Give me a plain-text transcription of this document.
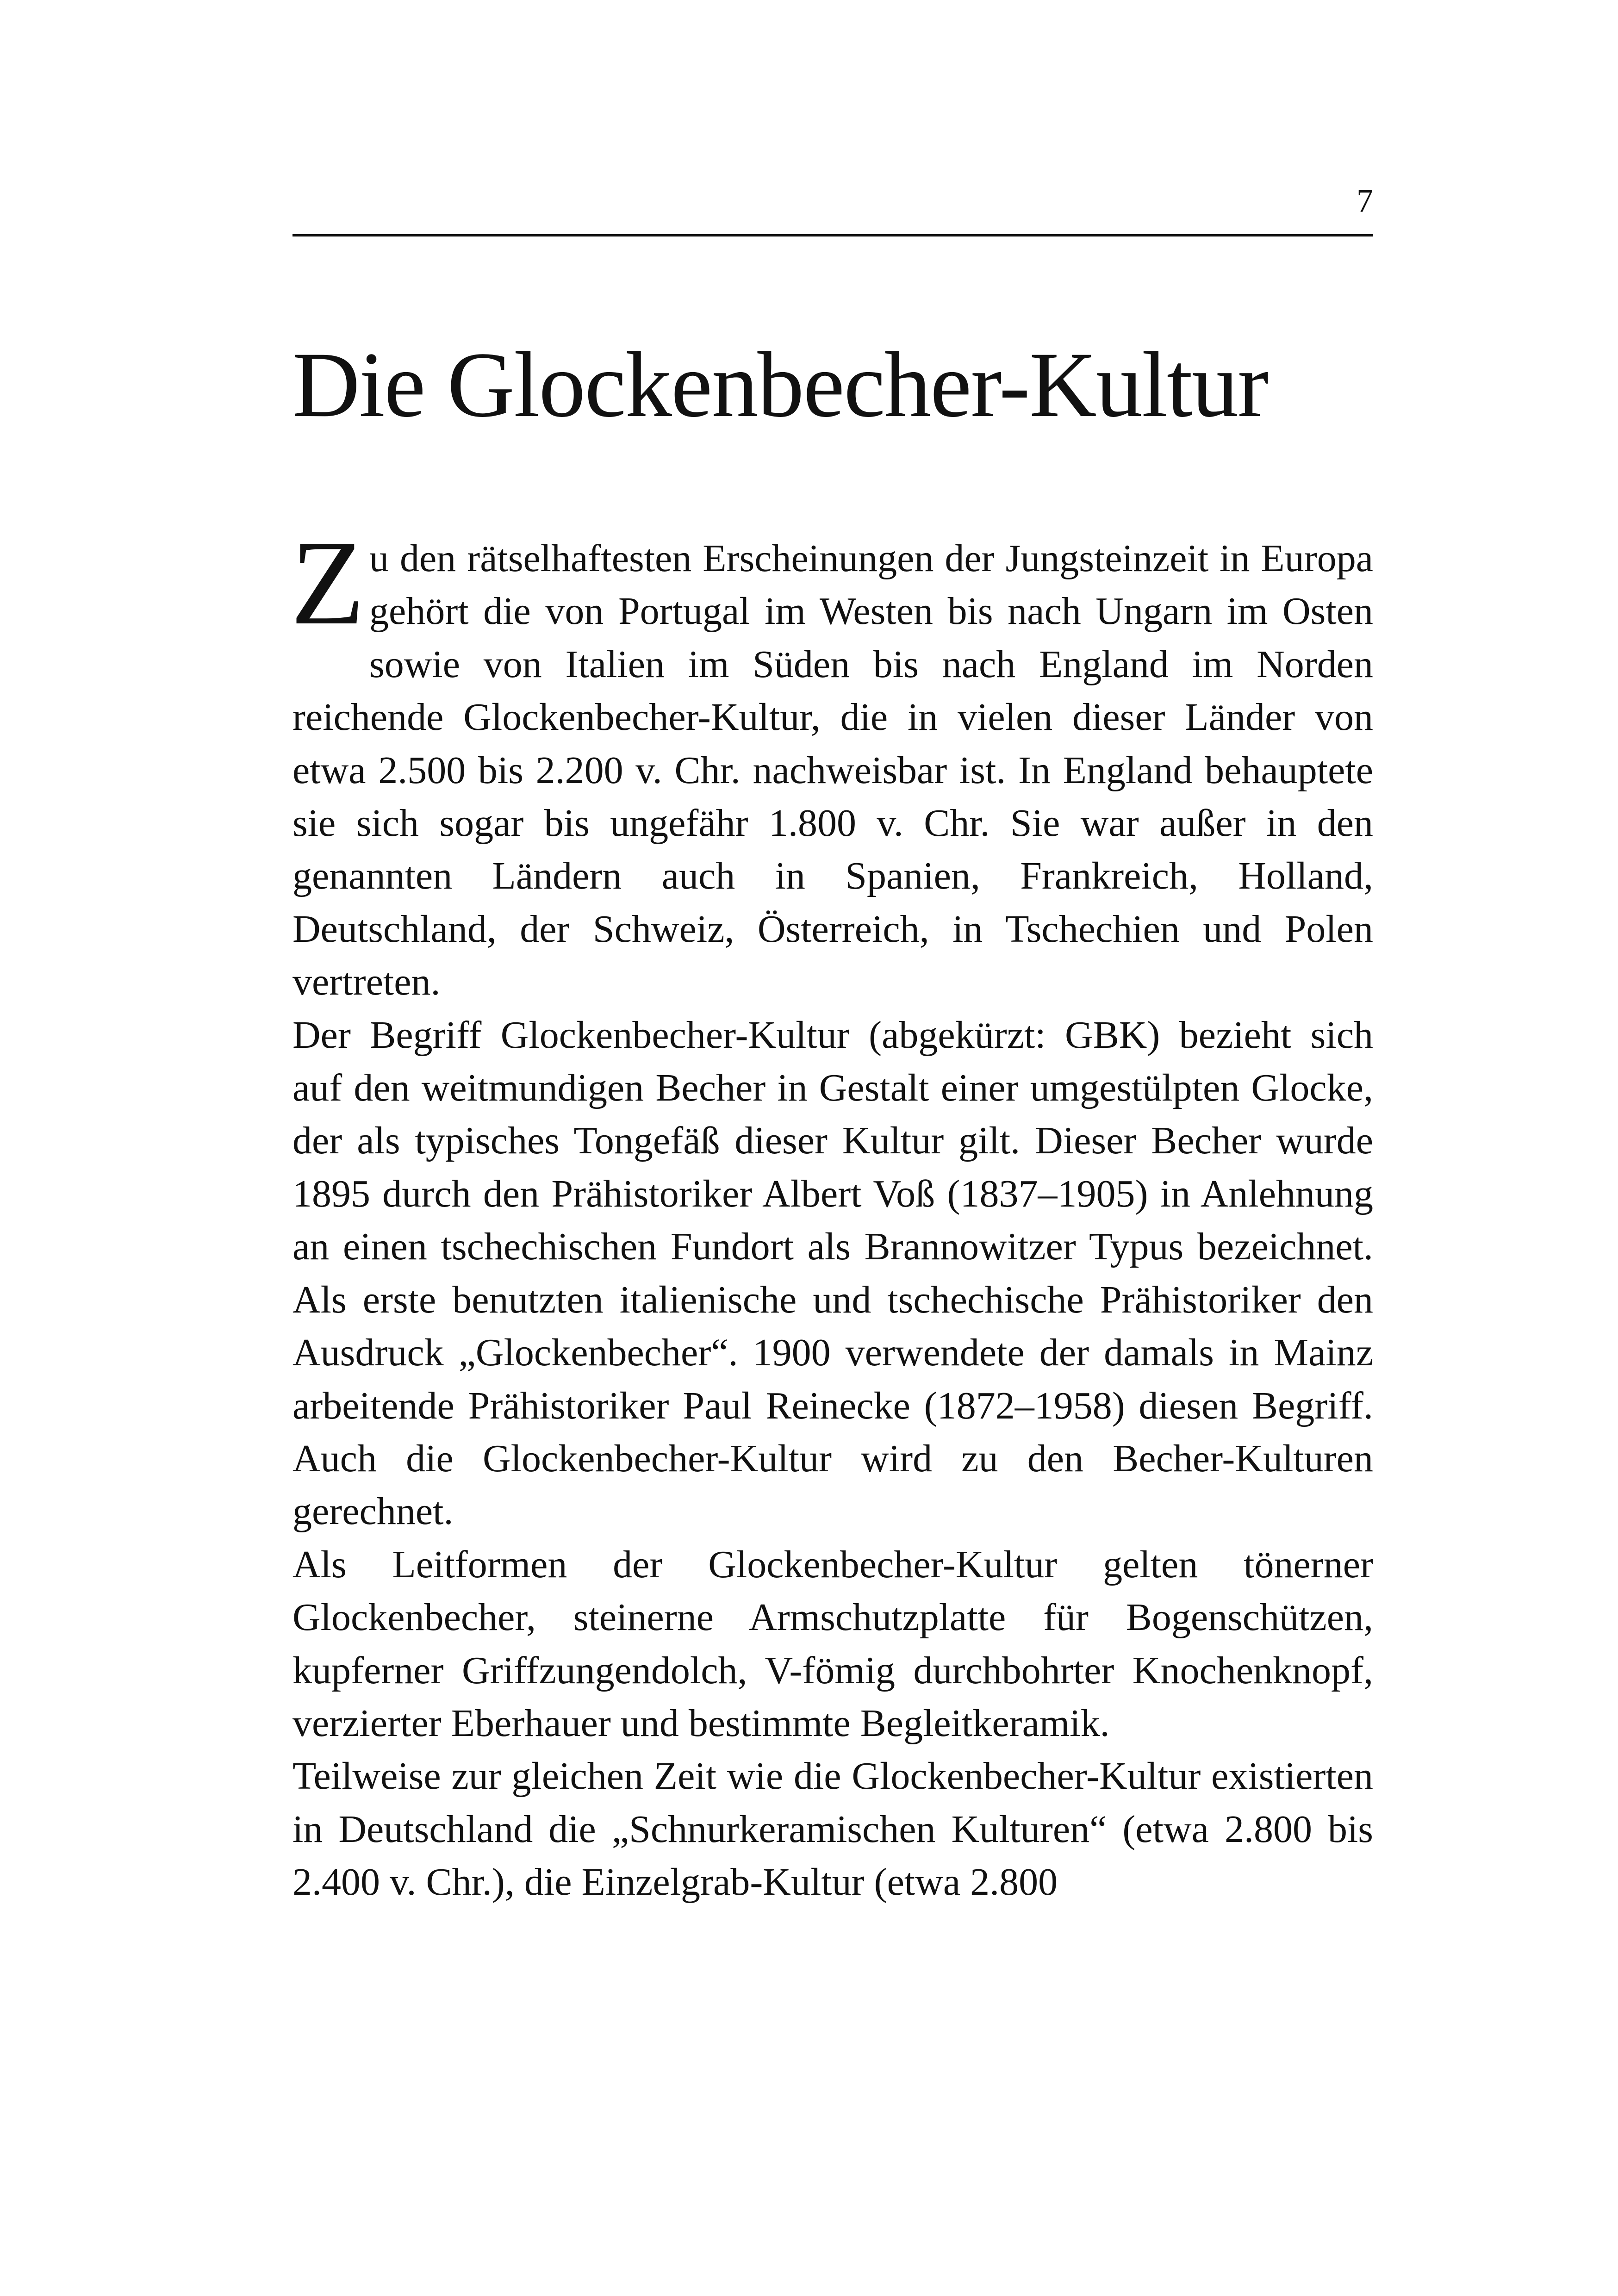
7
Die Glockenbecher-Kultur

Zu den rätselhaftesten Erscheinungen der Jungsteinzeit in Europa gehört die von Portugal im Westen bis nach Ungarn im Osten sowie von Italien im Süden bis nach England im Norden reichende Glockenbecher-Kultur, die in vielen dieser Länder von etwa 2.500 bis 2.200 v. Chr. nachweisbar ist. In England behauptete sie sich sogar bis ungefähr 1.800 v. Chr. Sie war außer in den genannten Ländern auch in Spanien, Frankreich, Holland, Deutschland, der Schweiz, Österreich, in Tschechien und Polen vertreten.

Der Begriff Glockenbecher-Kultur (abgekürzt: GBK) bezieht sich auf den weitmundigen Becher in Gestalt einer umgestülpten Glocke, der als typisches Tongefäß dieser Kultur gilt. Dieser Becher wurde 1895 durch den Prähistoriker Albert Voß (1837–1905) in Anlehnung an einen tschechischen Fundort als Brannowitzer Typus bezeichnet. Als erste benutzten italienische und tschechische Prähistoriker den Ausdruck „Glockenbecher“. 1900 verwendete der damals in Mainz arbeitende Prähistoriker Paul Reinecke (1872–1958) diesen Begriff. Auch die Glockenbecher-Kultur wird zu den Becher-Kulturen gerechnet.

Als Leitformen der Glockenbecher-Kultur gelten tönerner Glockenbecher, steinerne Armschutzplatte für Bogenschützen, kupferner Griffzungendolch, V-fömig durchbohrter Knochenknopf, verzierter Eberhauer und bestimmte Begleitkeramik.

Teilweise zur gleichen Zeit wie die Glockenbecher-Kultur existierten in Deutschland die „Schnurkeramischen Kulturen“ (etwa 2.800 bis 2.400 v. Chr.), die Einzelgrab-Kultur (etwa 2.800
